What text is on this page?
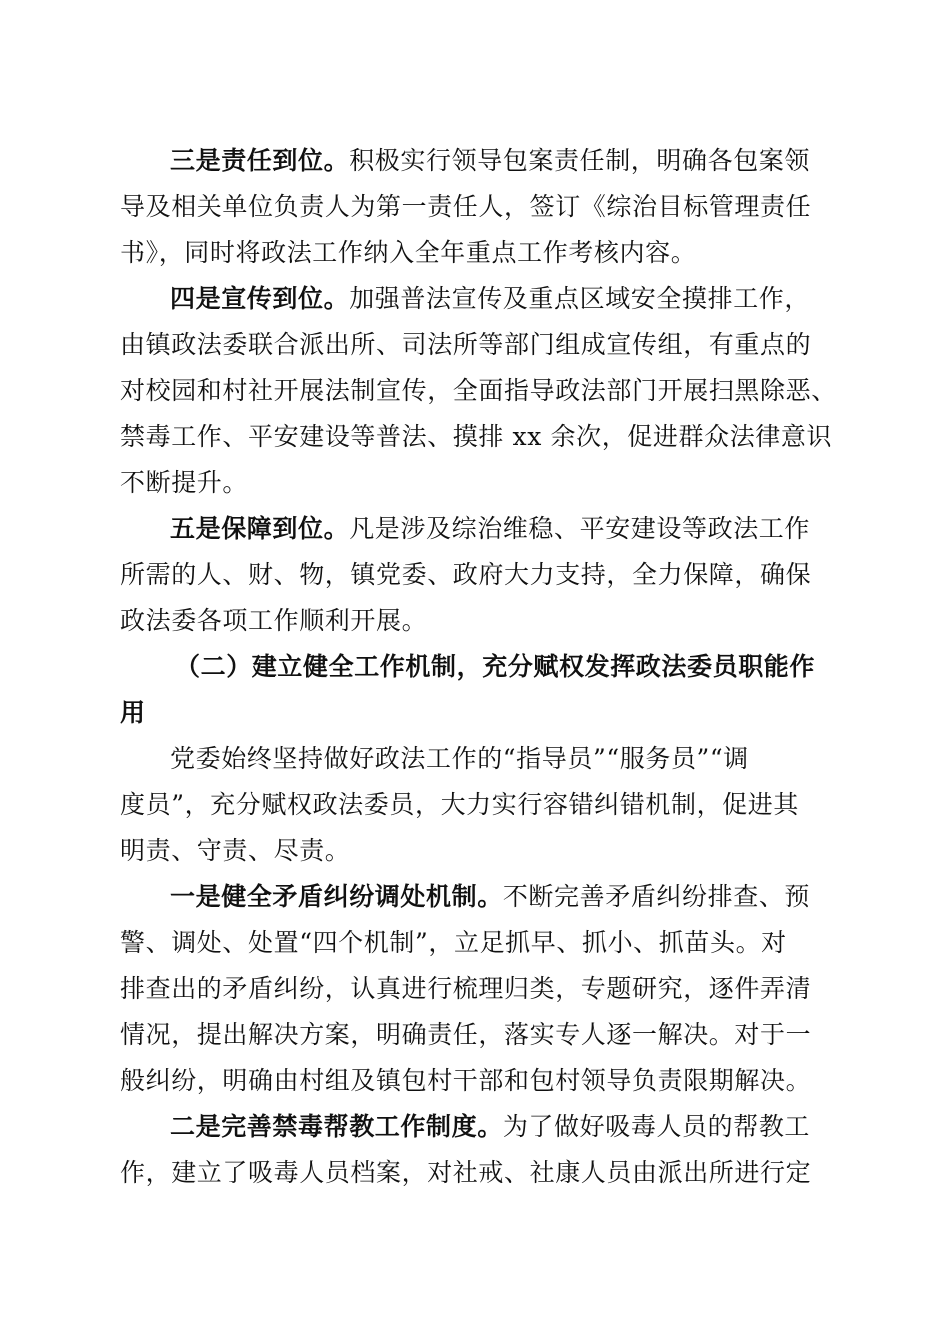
三是责任到位。积极实行领导包案责任制，明确各包案领
导及相关单位负责人为第一责任人，签订《综治目标管理责任
书》，同时将政法工作纳入全年重点工作考核内容。
四是宣传到位。加强普法宣传及重点区域安全摸排工作，
由镇政法委联合派出所、司法所等部门组成宣传组，有重点的
对校园和村社开展法制宣传，全面指导政法部门开展扫黑除恶、
禁毒工作、平安建设等普法、摸排 xx 余次，促进群众法律意识
不断提升。
五是保障到位。凡是涉及综治维稳、平安建设等政法工作
所需的人、财、物，镇党委、政府大力支持，全力保障，确保
政法委各项工作顺利开展。
（二）建立健全工作机制，充分赋权发挥政法委员职能作
用
党委始终坚持做好政法工作的“指导员”“服务员”“调
度员”，充分赋权政法委员，大力实行容错纠错机制，促进其
明责、守责、尽责。
一是健全矛盾纠纷调处机制。不断完善矛盾纠纷排查、预
警、调处、处置“四个机制”，立足抓早、抓小、抓苗头。对
排查出的矛盾纠纷，认真进行梳理归类，专题研究，逐件弄清
情况，提出解决方案，明确责任，落实专人逐一解决。对于一
般纠纷，明确由村组及镇包村干部和包村领导负责限期解决。
二是完善禁毒帮教工作制度。为了做好吸毒人员的帮教工
作，建立了吸毒人员档案，对社戒、社康人员由派出所进行定
